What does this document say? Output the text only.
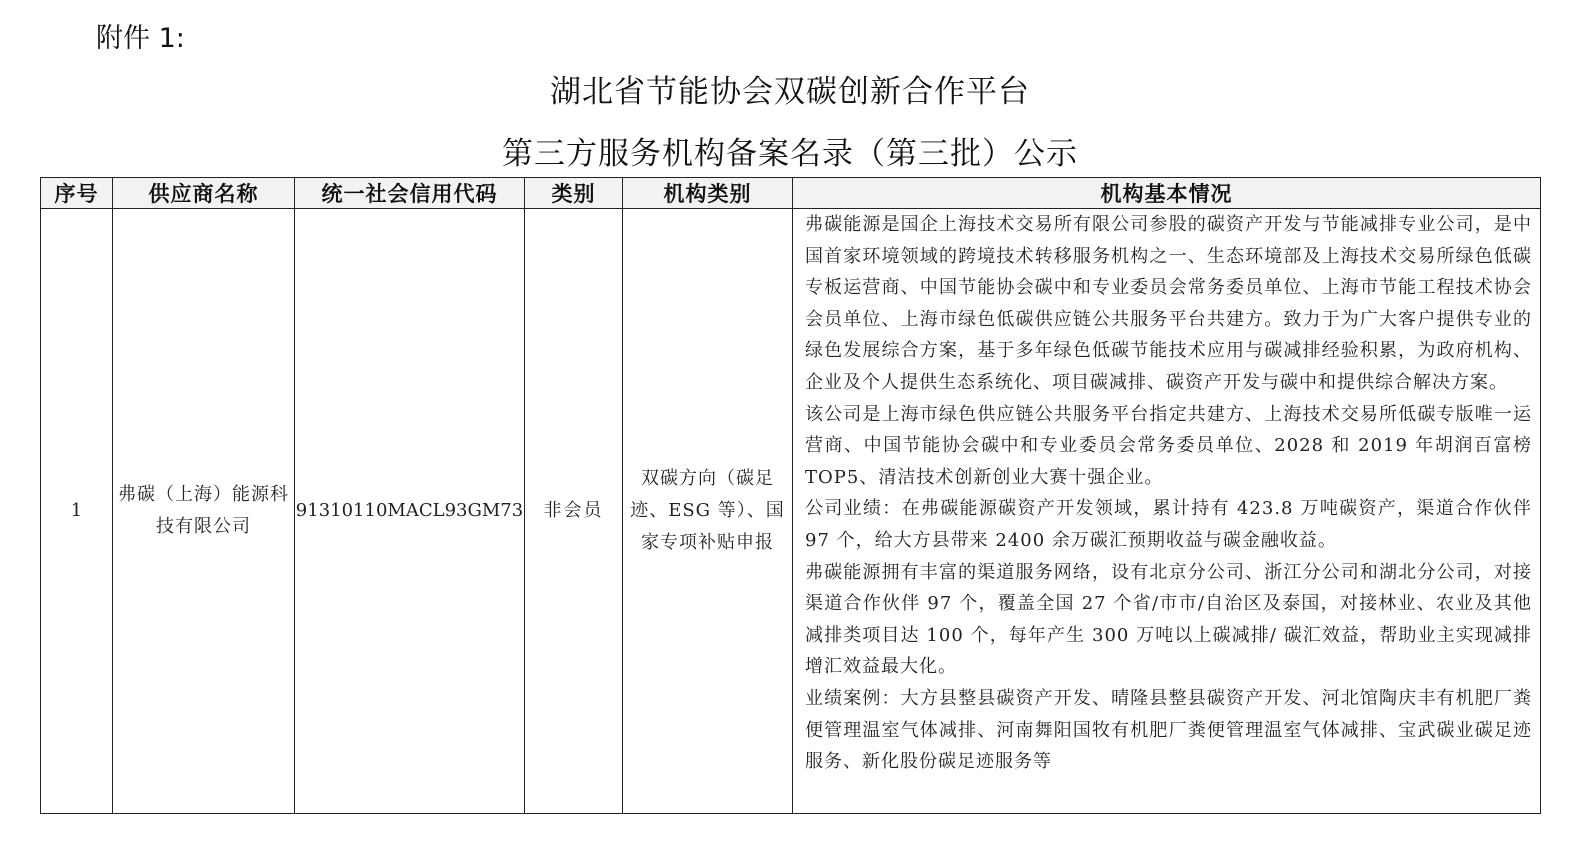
附件 1:
湖北省节能协会双碳创新合作平台
第三方服务机构备案名录（第三批）公示
序号	供应商名称	统一社会信用代码	类别	机构类别	机构基本情况
1	弗碳（上海）能源科技有限公司	91310110MACL93GM73	非会员	双碳方向（碳足迹、ESG 等）、国家专项补贴申报	弗碳能源是国企上海技术交易所有限公司参股的碳资产开发与节能减排专业公司，是中国首家环境领域的跨境技术转移服务机构之一、生态环境部及上海技术交易所绿色低碳专板运营商、中国节能协会碳中和专业委员会常务委员单位、上海市节能工程技术协会会员单位、上海市绿色低碳供应链公共服务平台共建方。致力于为广大客户提供专业的绿色发展综合方案，基于多年绿色低碳节能技术应用与碳减排经验积累，为政府机构、企业及个人提供生态系统化、项目碳减排、碳资产开发与碳中和提供综合解决方案。

该公司是上海市绿色供应链公共服务平台指定共建方、上海技术交易所低碳专版唯一运营商、中国节能协会碳中和专业委员会常务委员单位、2028 和 2019 年胡润百富榜 TOP5、清洁技术创新创业大赛十强企业。

公司业绩：在弗碳能源碳资产开发领域，累计持有 423.8 万吨碳资产，渠道合作伙伴 97 个，给大方县带来 2400 余万碳汇预期收益与碳金融收益。

弗碳能源拥有丰富的渠道服务网络，设有北京分公司、浙江分公司和湖北分公司，对接渠道合作伙伴 97 个，覆盖全国 27 个省/市市/自治区及泰国，对接林业、农业及其他减排类项目达 100 个，每年产生 300 万吨以上碳减排/ 碳汇效益，帮助业主实现减排增汇效益最大化。

业绩案例：大方县整县碳资产开发、晴隆县整县碳资产开发、河北馆陶庆丰有机肥厂粪便管理温室气体减排、河南舞阳国牧有机肥厂粪便管理温室气体减排、宝武碳业碳足迹服务、新化股份碳足迹服务等
